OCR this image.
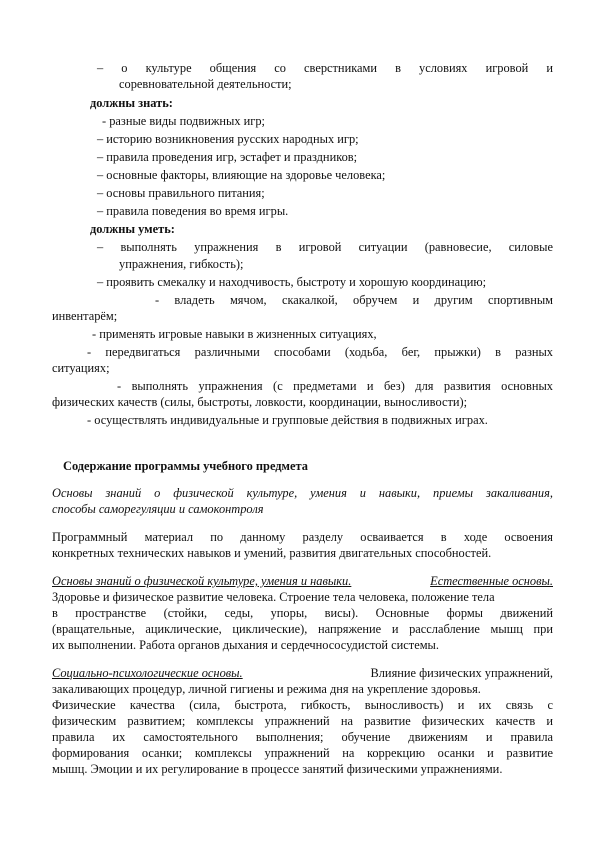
– о культуре общения со сверстниками в условиях игровой и
соревновательной деятельности;
должны знать:
- разные виды подвижных игр;
– историю возникновения русских народных игр;
– правила проведения игр, эстафет и праздников;
– основные факторы, влияющие на здоровье человека;
– основы правильного питания;
– правила поведения во время игры.
должны уметь:
– выполнять упражнения в игровой ситуации (равновесие, силовые
упражнения, гибкость);
– проявить смекалку и находчивость, быстроту и хорошую координацию;
- владеть мячом, скакалкой, обручем и другим спортивным
инвентарём;
- применять игровые навыки в жизненных ситуациях,
- передвигаться различными способами (ходьба, бег, прыжки) в разных
ситуациях;
- выполнять упражнения (с предметами и без) для развития основных
физических качеств (силы, быстроты, ловкости, координации, выносливости);
- осуществлять индивидуальные и групповые действия в подвижных играх.
Содержание программы учебного предмета
Основы знаний о физической культуре, умения и навыки, приемы закаливания,
способы саморегуляции и самоконтроля
Программный материал по данному разделу осваивается в ходе освоения
конкретных технических навыков и умений, развития двигательных способностей.
Основы знаний о физической культуре, умения и навыки.	Естественные основы.
Здоровье и физическое развитие человека. Строение тела человека, положение тела
в пространстве (стойки, седы, упоры, висы). Основные формы движений
(вращательные, ациклические, циклические), напряжение и расслабление мышц при
их выполнении. Работа органов дыхания и сердечнососудистой системы.
Социально-психологические основы.	Влияние физических упражнений,
закаливающих процедур, личной гигиены и режима дня на укрепление здоровья.
Физические качества (сила, быстрота, гибкость, выносливость) и их связь с
физическим развитием; комплексы упражнений на развитие физических качеств и
правила их самостоятельного выполнения; обучение движениям и правила
формирования осанки; комплексы упражнений на коррекцию осанки и развитие
мышц. Эмоции и их регулирование в процессе занятий физическими упражнениями.
